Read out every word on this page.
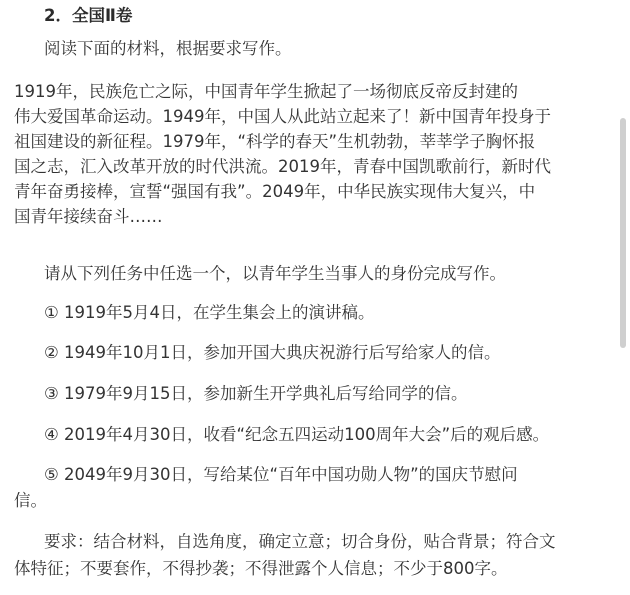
2．全国Ⅱ卷
阅读下面的材料，根据要求写作。
1919年，民族危亡之际，中国青年学生掀起了一场彻底反帝反封建的
伟大爱国革命运动。1949年，中国人从此站立起来了！新中国青年投身于
祖国建设的新征程。1979年，“科学的春天”生机勃勃，莘莘学子胸怀报
国之志，汇入改革开放的时代洪流。2019年，青春中国凯歌前行，新时代
青年奋勇接棒，宣誓“强国有我”。2049年，中华民族实现伟大复兴，中
国青年接续奋斗……
请从下列任务中任选一个，以青年学生当事人的身份完成写作。
① 1919年5月4日，在学生集会上的演讲稿。
② 1949年10月1日，参加开国大典庆祝游行后写给家人的信。
③ 1979年9月15日，参加新生开学典礼后写给同学的信。
④ 2019年4月30日，收看“纪念五四运动100周年大会”后的观后感。
⑤ 2049年9月30日，写给某位“百年中国功勋人物”的国庆节慰问
信。
要求：结合材料，自选角度，确定立意；切合身份，贴合背景；符合文
体特征；不要套作，不得抄袭；不得泄露个人信息；不少于800字。
